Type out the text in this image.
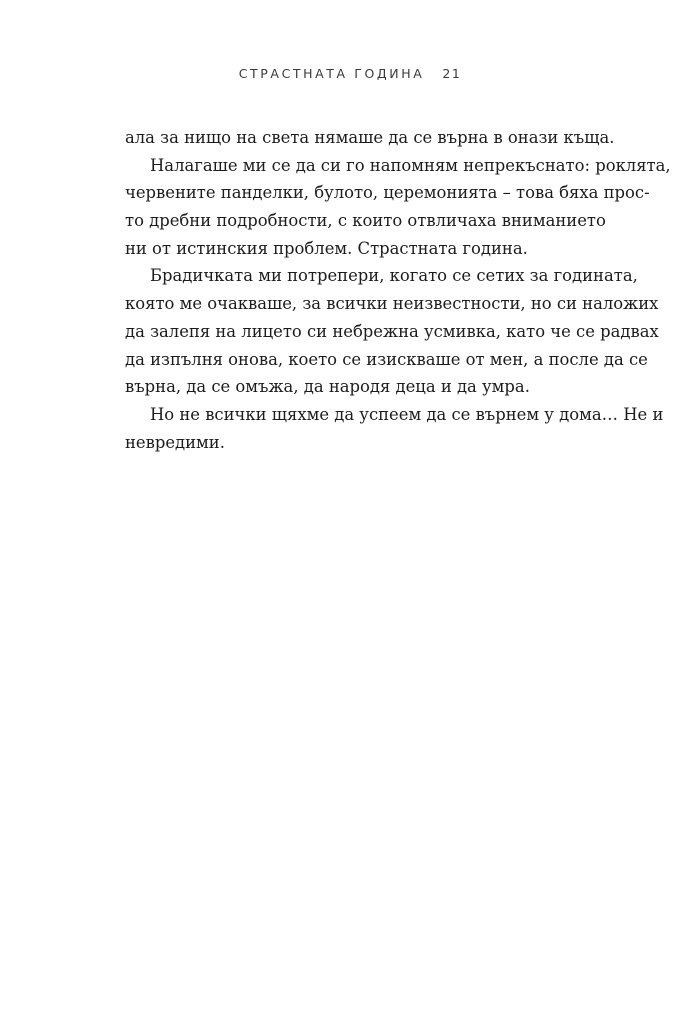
СТРАСТНАТА ГОДИНА 21
ала за нищо на света нямаше да се върна в онази къща.
Налагаше ми се да си го напомням непрекъснато: роклята,
червените панделки, булото, церемонията – това бяха прос-
то дребни подробности, с които отвличаха вниманието
ни от истинския проблем. Страстната година.
Брадичката ми потрепери, когато се сетих за годината,
която ме очакваше, за всички неизвестности, но си наложих
да залепя на лицето си небрежна усмивка, като че се радвах
да изпълня онова, което се изискваше от мен, а после да се
върна, да се омъжа, да народя деца и да умра.
Но не всички щяхме да успеем да се върнем у дома… Не и
невредими.
